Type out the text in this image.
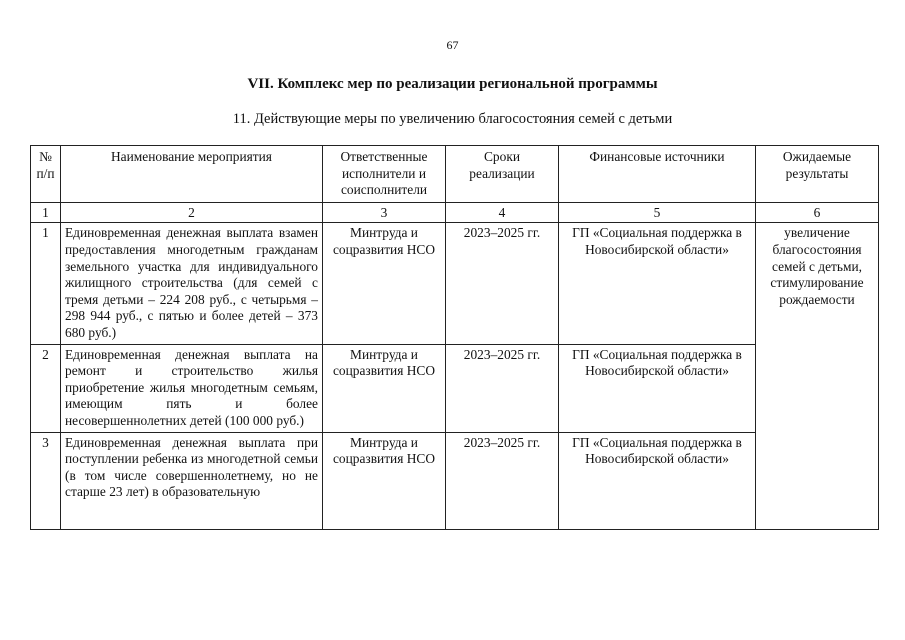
67
VII. Комплекс мер по реализации региональной программы
11. Действующие меры по увеличению благосостояния семей с детьми
№ п/п	Наименование мероприятия	Ответственные исполнители и соисполнители	Сроки реализации	Финансовые источники	Ожидаемые результаты
1	2	3	4	5	6
1	Единовременная денежная выплата взамен предоставления многодетным гражданам земельного участка для индивидуального жилищного строительства (для семей с тремя детьми – 224 208 руб., с четырьмя – 298 944 руб., с пятью и более детей – 373 680 руб.)	Минтруда и соцразвития НСО	2023–2025 гг.	ГП «Социальная поддержка в Новосибирской области»	увеличение благосостояния семей с детьми, стимулирование рождаемости
2	Единовременная денежная выплата на ремонт и строительство жилья приобретение жилья многодетным семьям, имеющим пять и более несовершеннолетних детей (100 000 руб.)	Минтруда и соцразвития НСО	2023–2025 гг.	ГП «Социальная поддержка в Новосибирской области»	
3	Единовременная денежная выплата при поступлении ребенка из многодетной семьи (в том числе совершеннолетнему, но не старше 23 лет) в образовательную	Минтруда и соцразвития НСО	2023–2025 гг.	ГП «Социальная поддержка в Новосибирской области»	
